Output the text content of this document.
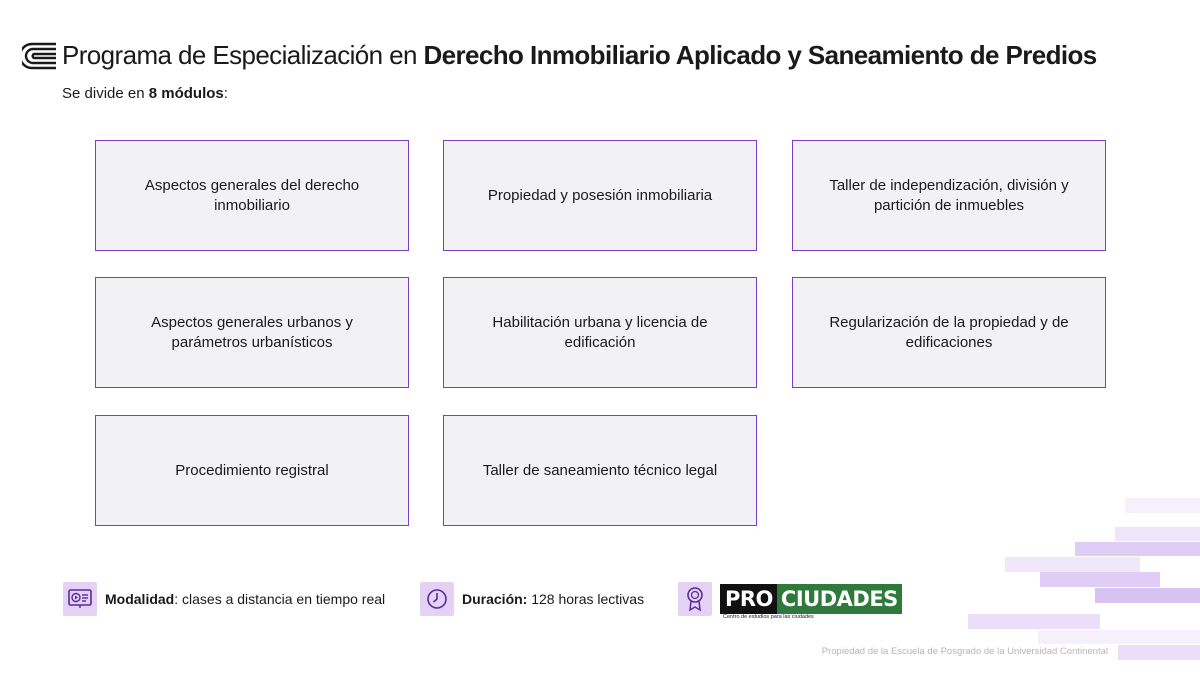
Programa de Especialización en Derecho Inmobiliario Aplicado y Saneamiento de Predios
Se divide en 8 módulos:
Aspectos generales del derecho inmobiliario
Propiedad y posesión inmobiliaria
Taller de independización, división y partición de inmuebles
Aspectos generales urbanos y parámetros urbanísticos
Habilitación urbana y licencia de edificación
Regularización de la propiedad y de edificaciones
Procedimiento registral	Taller de saneamiento técnico legal
Modalidad: clases a distancia en tiempo real	Duración: 128 horas lectivas	PRO CIUDADES
Centro de estudios para las ciudades
Propiedad de la Escuela de Posgrado de la Universidad Continental
